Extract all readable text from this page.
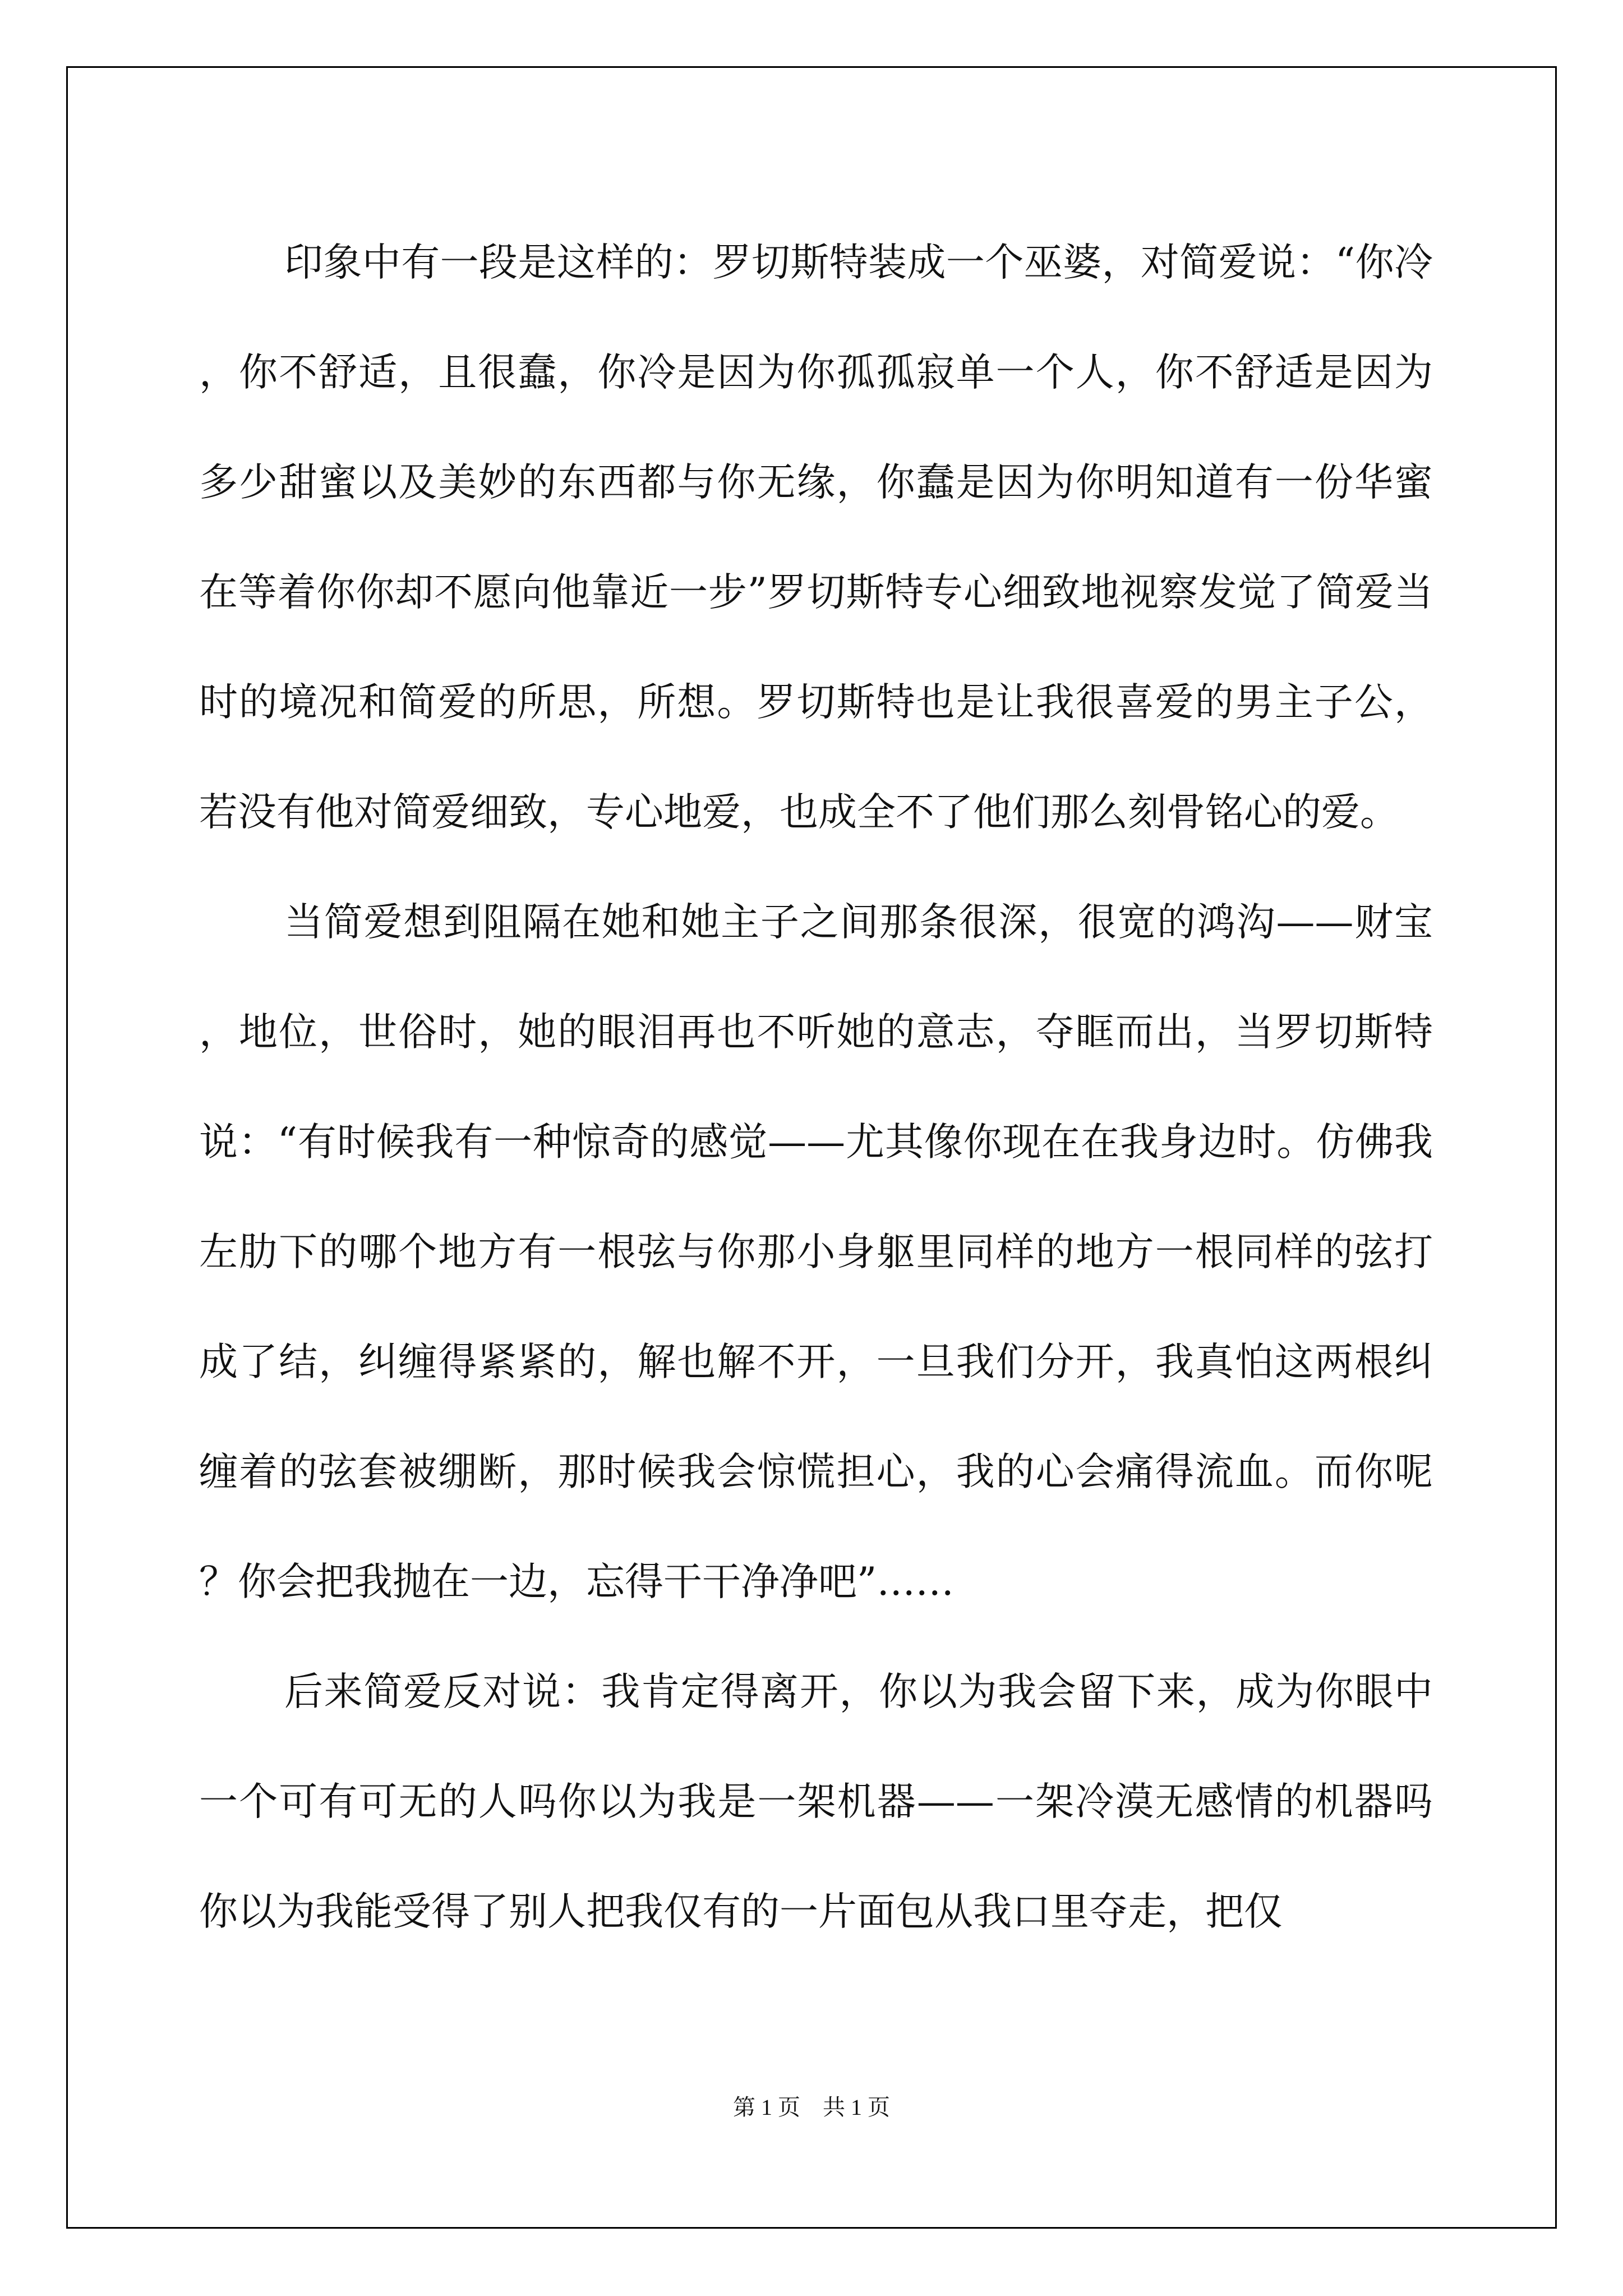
印象中有一段是这样的：罗切斯特装成一个巫婆，对简爱说：“你冷，你不舒适，且很蠢，你冷是因为你孤孤寂单一个人，你不舒适是因为多少甜蜜以及美妙的东西都与你无缘，你蠢是因为你明知道有一份华蜜在等着你你却不愿向他靠近一步”罗切斯特专心细致地视察发觉了简爱当时的境况和简爱的所思，所想。罗切斯特也是让我很喜爱的男主子公，若没有他对简爱细致，专心地爱，也成全不了他们那么刻骨铭心的爱。

当简爱想到阻隔在她和她主子之间那条很深，很宽的鸿沟——财宝，地位，世俗时，她的眼泪再也不听她的意志，夺眶而出，当罗切斯特说：“有时候我有一种惊奇的感觉——尤其像你现在在我身边时。仿佛我左肋下的哪个地方有一根弦与你那小身躯里同样的地方一根同样的弦打成了结，纠缠得紧紧的，解也解不开，一旦我们分开，我真怕这两根纠缠着的弦套被绷断，那时候我会惊慌担心，我的心会痛得流血。而你呢？你会把我抛在一边，忘得干干净净吧”……

后来简爱反对说：我肯定得离开，你以为我会留下来，成为你眼中一个可有可无的人吗你以为我是一架机器——一架冷漠无感情的机器吗你以为我能受得了别人把我仅有的一片面包从我口里夺走，把仅

第 1 页　共 1 页
